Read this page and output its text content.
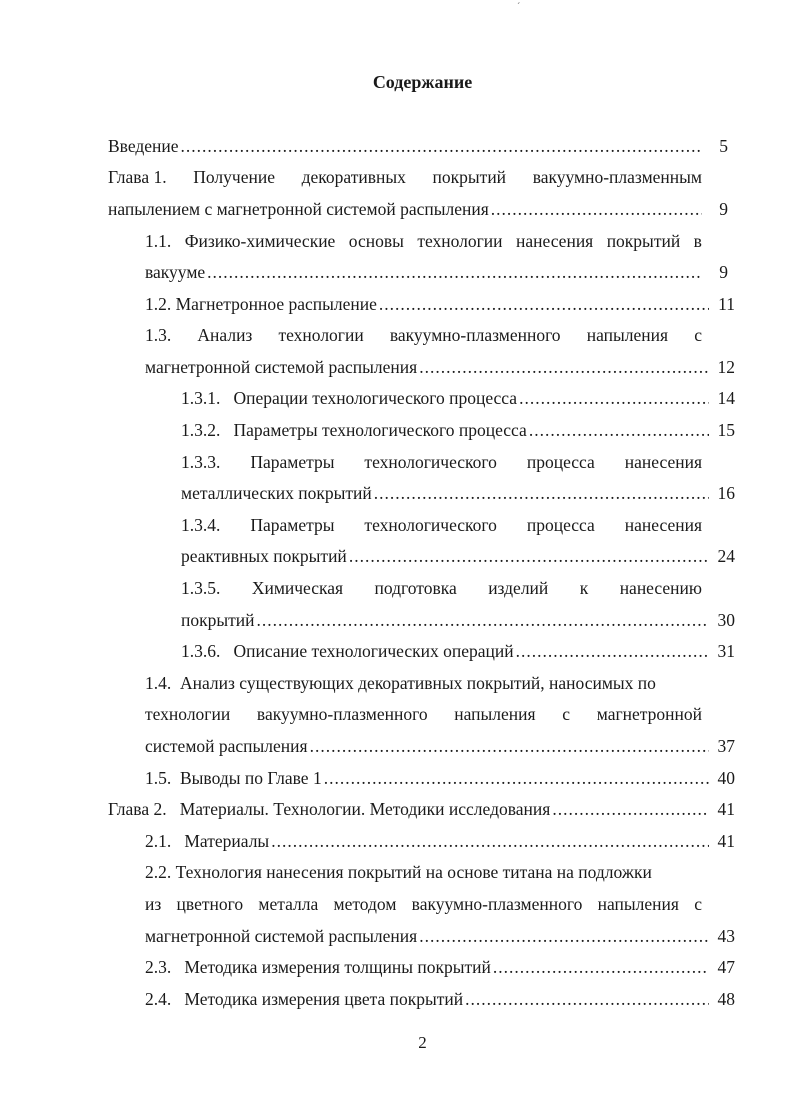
´
Содержание
Введение .....	5
Глава 1. Получение декоративных покрытий вакуумно-плазменным
напылением с магнетронной системой распыления .....	9
1.1. Физико-химические основы технологии нанесения покрытий в
вакууме .....	9
1.2. Магнетронное распыление .....	11
1.3. Анализ технологии вакуумно-плазменного напыления с
магнетронной системой распыления .....	12
1.3.1.   Операции технологического процесса .....	14
1.3.2.   Параметры технологического процесса .....	15
1.3.3. Параметры технологического процесса нанесения
металлических покрытий .....	16
1.3.4. Параметры технологического процесса нанесения
реактивных покрытий .....	24
1.3.5. Химическая подготовка изделий к нанесению
покрытий .....	30
1.3.6.   Описание технологических операций .....	31
1.4.  Анализ существующих декоративных покрытий, наносимых по
технологии вакуумно-плазменного напыления с магнетронной
системой распыления .....	37
1.5.  Выводы по Главе 1 .....	40
Глава 2.   Материалы. Технологии. Методики исследования .....	41
2.1.   Материалы .....	41
2.2. Технология нанесения покрытий на основе титана на подложки
из цветного металла методом вакуумно-плазменного напыления с
магнетронной системой распыления .....	43
2.3.   Методика измерения толщины покрытий .....	47
2.4.   Методика измерения цвета покрытий .....	48
2
